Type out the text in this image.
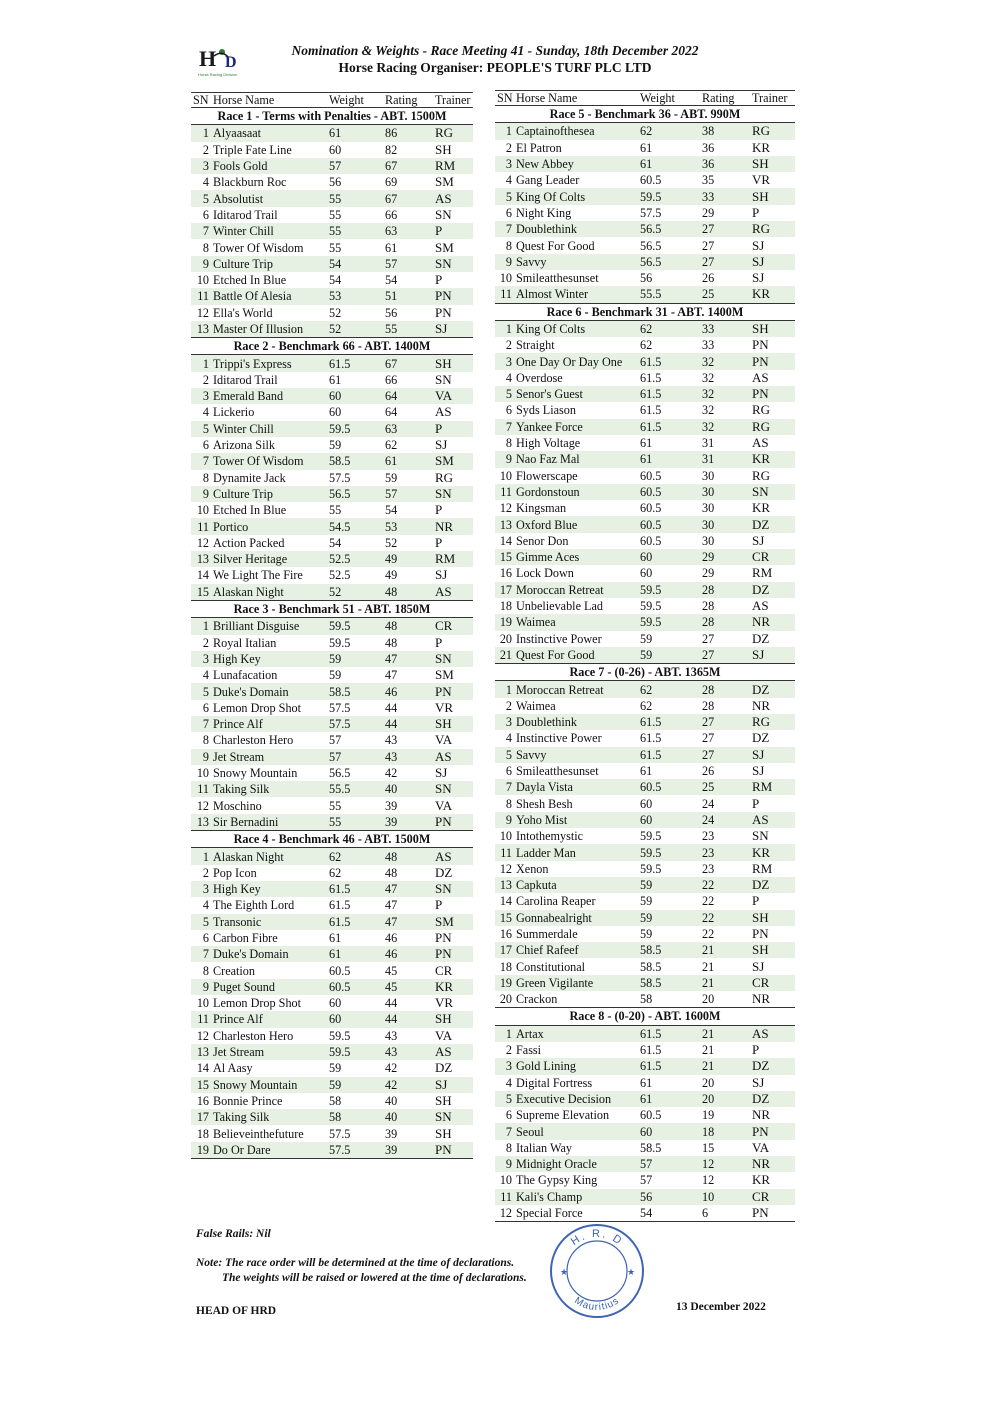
H D
Horse Racing Division
Nomination & Weights - Race Meeting 41 - Sunday, 18th December 2022
Horse Racing Organiser: PEOPLE'S TURF PLC LTD
SN	Horse Name	Weight	Rating	Trainer
Race 1 - Terms with Penalties - ABT. 1500M				
1	Alyaasaat	61	86	RG
2	Triple Fate Line	60	82	SH
3	Fools Gold	57	67	RM
4	Blackburn Roc	56	69	SM
5	Absolutist	55	67	AS
6	Iditarod Trail	55	66	SN
7	Winter Chill	55	63	P
8	Tower Of Wisdom	55	61	SM
9	Culture Trip	54	57	SN
10	Etched In Blue	54	54	P
11	Battle Of Alesia	53	51	PN
12	Ella's World	52	56	PN
13	Master Of Illusion	52	55	SJ
Race 2 - Benchmark 66 - ABT. 1400M				
1	Trippi's Express	61.5	67	SH
2	Iditarod Trail	61	66	SN
3	Emerald Band	60	64	VA
4	Lickerio	60	64	AS
5	Winter Chill	59.5	63	P
6	Arizona Silk	59	62	SJ
7	Tower Of Wisdom	58.5	61	SM
8	Dynamite Jack	57.5	59	RG
9	Culture Trip	56.5	57	SN
10	Etched In Blue	55	54	P
11	Portico	54.5	53	NR
12	Action Packed	54	52	P
13	Silver Heritage	52.5	49	RM
14	We Light The Fire	52.5	49	SJ
15	Alaskan Night	52	48	AS
Race 3 - Benchmark 51 - ABT. 1850M				
1	Brilliant Disguise	59.5	48	CR
2	Royal Italian	59.5	48	P
3	High Key	59	47	SN
4	Lunafacation	59	47	SM
5	Duke's Domain	58.5	46	PN
6	Lemon Drop Shot	57.5	44	VR
7	Prince Alf	57.5	44	SH
8	Charleston Hero	57	43	VA
9	Jet Stream	57	43	AS
10	Snowy Mountain	56.5	42	SJ
11	Taking Silk	55.5	40	SN
12	Moschino	55	39	VA
13	Sir Bernadini	55	39	PN
Race 4 - Benchmark 46 - ABT. 1500M				
1	Alaskan Night	62	48	AS
2	Pop Icon	62	48	DZ
3	High Key	61.5	47	SN
4	The Eighth Lord	61.5	47	P
5	Transonic	61.5	47	SM
6	Carbon Fibre	61	46	PN
7	Duke's Domain	61	46	PN
8	Creation	60.5	45	CR
9	Puget Sound	60.5	45	KR
10	Lemon Drop Shot	60	44	VR
11	Prince Alf	60	44	SH
12	Charleston Hero	59.5	43	VA
13	Jet Stream	59.5	43	AS
14	Al Aasy	59	42	DZ
15	Snowy Mountain	59	42	SJ
16	Bonnie Prince	58	40	SH
17	Taking Silk	58	40	SN
18	Believeinthefuture	57.5	39	SH
19	Do Or Dare	57.5	39	PN
SN	Horse Name	Weight	Rating	Trainer
Race 5 - Benchmark 36 - ABT. 990M				
1	Captainofthesea	62	38	RG
2	El Patron	61	36	KR
3	New Abbey	61	36	SH
4	Gang Leader	60.5	35	VR
5	King Of Colts	59.5	33	SH
6	Night King	57.5	29	P
7	Doublethink	56.5	27	RG
8	Quest For Good	56.5	27	SJ
9	Savvy	56.5	27	SJ
10	Smileatthesunset	56	26	SJ
11	Almost Winter	55.5	25	KR
Race 6 - Benchmark 31 - ABT. 1400M				
1	King Of Colts	62	33	SH
2	Straight	62	33	PN
3	One Day Or Day One	61.5	32	PN
4	Overdose	61.5	32	AS
5	Senor's Guest	61.5	32	PN
6	Syds Liason	61.5	32	RG
7	Yankee Force	61.5	32	RG
8	High Voltage	61	31	AS
9	Nao Faz Mal	61	31	KR
10	Flowerscape	60.5	30	RG
11	Gordonstoun	60.5	30	SN
12	Kingsman	60.5	30	KR
13	Oxford Blue	60.5	30	DZ
14	Senor Don	60.5	30	SJ
15	Gimme Aces	60	29	CR
16	Lock Down	60	29	RM
17	Moroccan Retreat	59.5	28	DZ
18	Unbelievable Lad	59.5	28	AS
19	Waimea	59.5	28	NR
20	Instinctive Power	59	27	DZ
21	Quest For Good	59	27	SJ
Race 7 - (0-26) - ABT. 1365M				
1	Moroccan Retreat	62	28	DZ
2	Waimea	62	28	NR
3	Doublethink	61.5	27	RG
4	Instinctive Power	61.5	27	DZ
5	Savvy	61.5	27	SJ
6	Smileatthesunset	61	26	SJ
7	Dayla Vista	60.5	25	RM
8	Shesh Besh	60	24	P
9	Yoho Mist	60	24	AS
10	Intothemystic	59.5	23	SN
11	Ladder Man	59.5	23	KR
12	Xenon	59.5	23	RM
13	Capkuta	59	22	DZ
14	Carolina Reaper	59	22	P
15	Gonnabealright	59	22	SH
16	Summerdale	59	22	PN
17	Chief Rafeef	58.5	21	SH
18	Constitutional	58.5	21	SJ
19	Green Vigilante	58.5	21	CR
20	Crackon	58	20	NR
Race 8 - (0-20) - ABT. 1600M				
1	Artax	61.5	21	AS
2	Fassi	61.5	21	P
3	Gold Lining	61.5	21	DZ
4	Digital Fortress	61	20	SJ
5	Executive Decision	61	20	DZ
6	Supreme Elevation	60.5	19	NR
7	Seoul	60	18	PN
8	Italian Way	58.5	15	VA
9	Midnight Oracle	57	12	NR
10	The Gypsy King	57	12	KR
11	Kali's Champ	56	10	CR
12	Special Force	54	6	PN
False Rails: Nil
Note: The race order will be determined at the time of declarations.
The weights will be raised or lowered at the time of declarations.
HEAD OF HRD	13 December 2022
H. R. D
Mauritius
★	★
